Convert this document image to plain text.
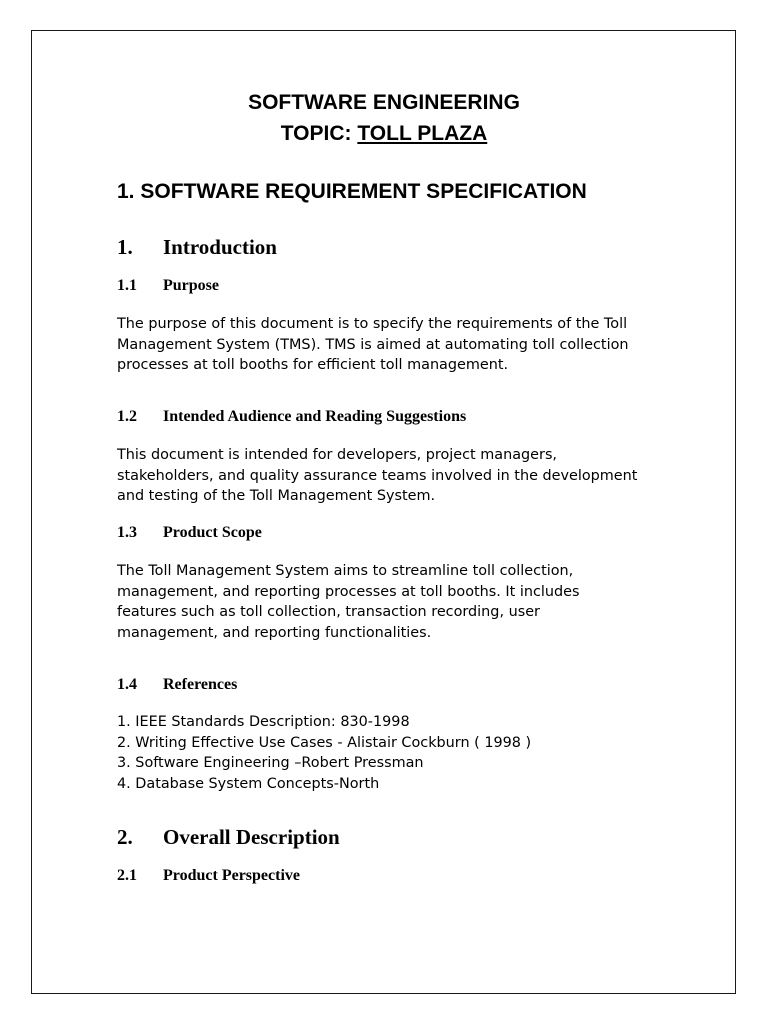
SOFTWARE ENGINEERING
TOPIC: TOLL PLAZA
1. SOFTWARE REQUIREMENT SPECIFICATION
1. Introduction
1.1 Purpose
The purpose of this document is to specify the requirements of the Toll
Management System (TMS). TMS is aimed at automating toll collection
processes at toll booths for efficient toll management.
1.2 Intended Audience and Reading Suggestions
This document is intended for developers, project managers,
stakeholders, and quality assurance teams involved in the development
and testing of the Toll Management System.
1.3 Product Scope
The Toll Management System aims to streamline toll collection,
management, and reporting processes at toll booths. It includes
features such as toll collection, transaction recording, user
management, and reporting functionalities.
1.4 References
1. IEEE Standards Description: 830-1998
2. Writing Effective Use Cases - Alistair Cockburn ( 1998 )
3. Software Engineering –Robert Pressman
4. Database System Concepts-North
2. Overall Description
2.1 Product Perspective
